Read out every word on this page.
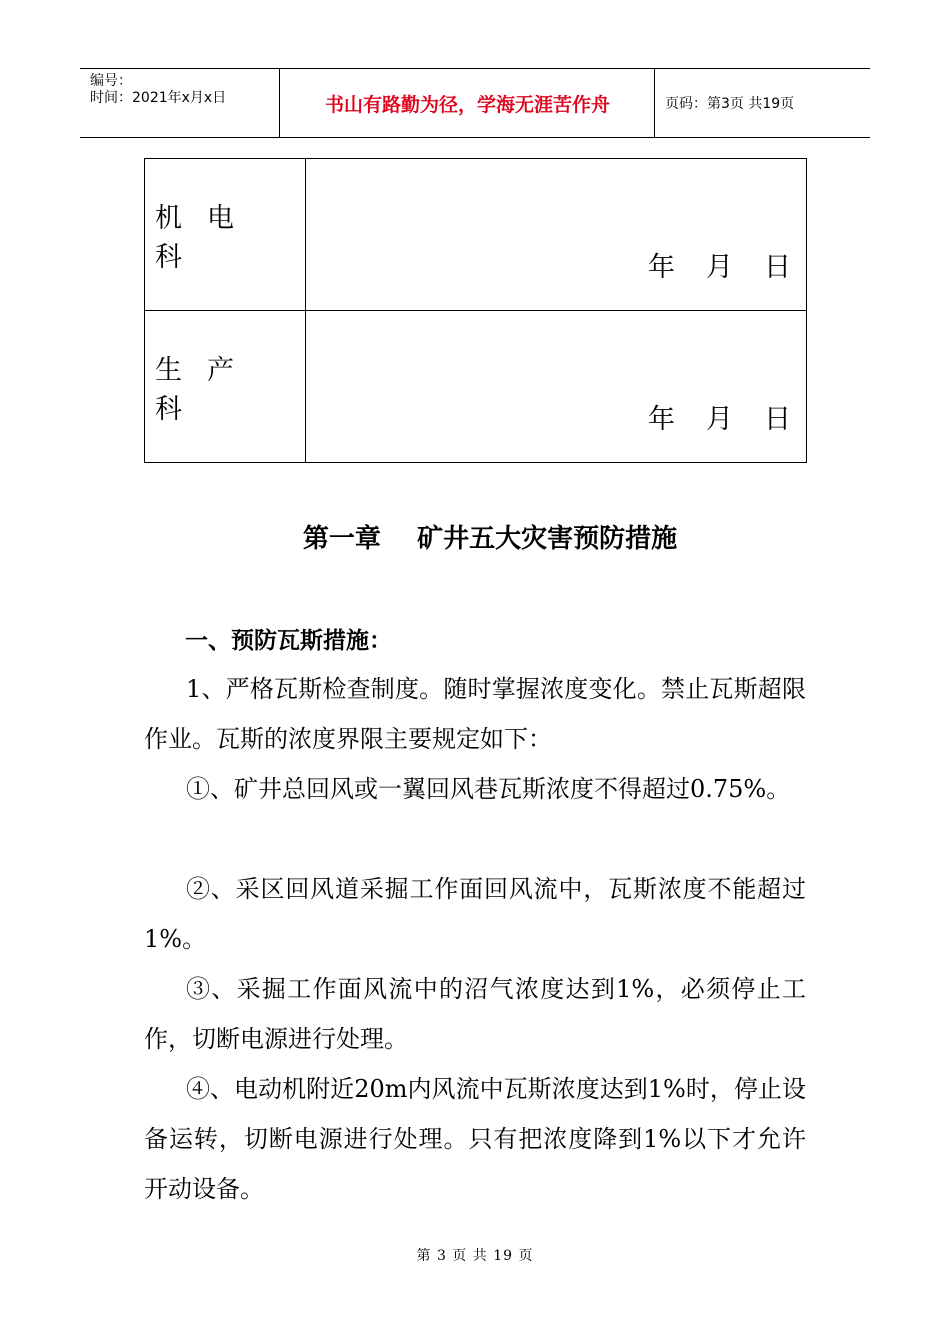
编号：
时间：2021年x月x日	书山有路勤为径，学海无涯苦作舟	页码：第3页 共19页
机电科	年 月 日
生产科	年 月 日
第一章    矿井五大灾害预防措施
一、预防瓦斯措施：
1、严格瓦斯检查制度。随时掌握浓度变化。禁止瓦斯超限作业。瓦斯的浓度界限主要规定如下：
①、矿井总回风或一翼回风巷瓦斯浓度不得超过0.75%。
②、采区回风道采掘工作面回风流中，瓦斯浓度不能超过1%。
③、采掘工作面风流中的沼气浓度达到1%，必须停止工作，切断电源进行处理。
④、电动机附近20m内风流中瓦斯浓度达到1%时，停止设备运转，切断电源进行处理。只有把浓度降到1%以下才允许开动设备。
第 3 页 共 19 页
